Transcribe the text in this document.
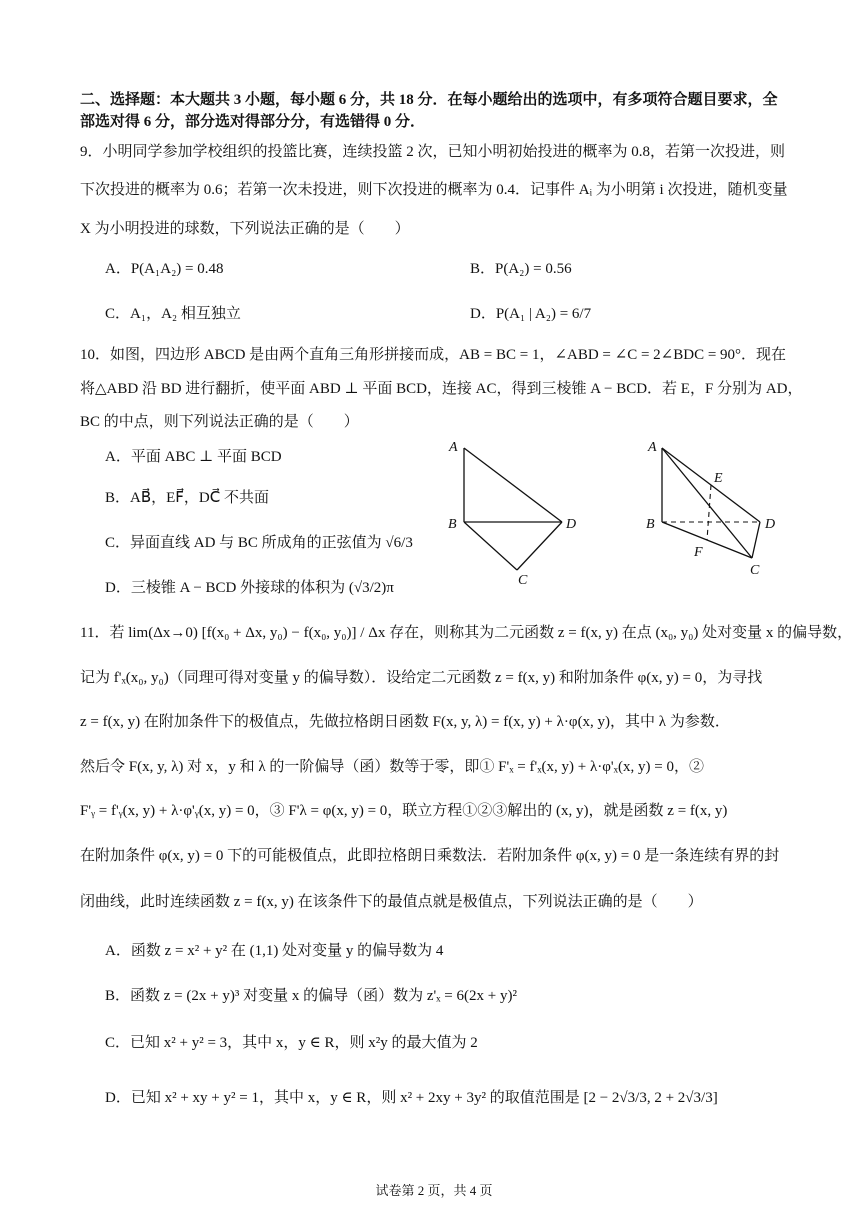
二、选择题：本大题共 3 小题，每小题 6 分，共 18 分．在每小题给出的选项中，有多项符合题目要求，全
部选对得 6 分，部分选对得部分分，有选错得 0 分．
9．小明同学参加学校组织的投篮比赛，连续投篮 2 次，已知小明初始投进的概率为 0.8，若第一次投进，则
下次投进的概率为 0.6；若第一次未投进，则下次投进的概率为 0.4．记事件 Aᵢ 为小明第 i 次投进，随机变量
X 为小明投进的球数，下列说法正确的是（　　）
A．P(A₁A₂) = 0.48	B．P(A₂) = 0.56
C．A₁，A₂ 相互独立	D．P(A₁ | A₂) = 6/7
10．如图，四边形 ABCD 是由两个直角三角形拼接而成，AB = BC = 1，∠ABD = ∠C = 2∠BDC = 90°．现在
将△ABD 沿 BD 进行翻折，使平面 ABD ⊥ 平面 BCD，连接 AC，得到三棱锥 A − BCD．若 E，F 分别为 AD，
BC 的中点，则下列说法正确的是（　　）
A．平面 ABC ⊥ 平面 BCD
B．AB⃗，EF⃗，DC⃗ 不共面
C．异面直线 AD 与 BC 所成角的正弦值为 √6/3
D．三棱锥 A − BCD 外接球的体积为 (√3/2)π
A
B
C
D
A
B
C
D
E
F
11．若 lim(Δx→0) [f(x₀ + Δx, y₀) − f(x₀, y₀)] / Δx 存在，则称其为二元函数 z = f(x, y) 在点 (x₀, y₀) 处对变量 x 的偏导数，
记为 f'ₓ(x₀, y₀)（同理可得对变量 y 的偏导数）．设给定二元函数 z = f(x, y) 和附加条件 φ(x, y) = 0，为寻找
z = f(x, y) 在附加条件下的极值点，先做拉格朗日函数 F(x, y, λ) = f(x, y) + λ·φ(x, y)，其中 λ 为参数．
然后令 F(x, y, λ) 对 x，y 和 λ 的一阶偏导（函）数等于零，即① F'ₓ = f'ₓ(x, y) + λ·φ'ₓ(x, y) = 0，②
F'ᵧ = f'ᵧ(x, y) + λ·φ'ᵧ(x, y) = 0，③ F'λ = φ(x, y) = 0，联立方程①②③解出的 (x, y)，就是函数 z = f(x, y)
在附加条件 φ(x, y) = 0 下的可能极值点，此即拉格朗日乘数法．若附加条件 φ(x, y) = 0 是一条连续有界的封
闭曲线，此时连续函数 z = f(x, y) 在该条件下的最值点就是极值点，下列说法正确的是（　　）
A．函数 z = x² + y² 在 (1,1) 处对变量 y 的偏导数为 4
B．函数 z = (2x + y)³ 对变量 x 的偏导（函）数为 z'ₓ = 6(2x + y)²
C．已知 x² + y² = 3，其中 x，y ∈ R，则 x²y 的最大值为 2
D．已知 x² + xy + y² = 1，其中 x，y ∈ R，则 x² + 2xy + 3y² 的取值范围是 [2 − 2√3/3, 2 + 2√3/3]
试卷第 2 页，共 4 页
